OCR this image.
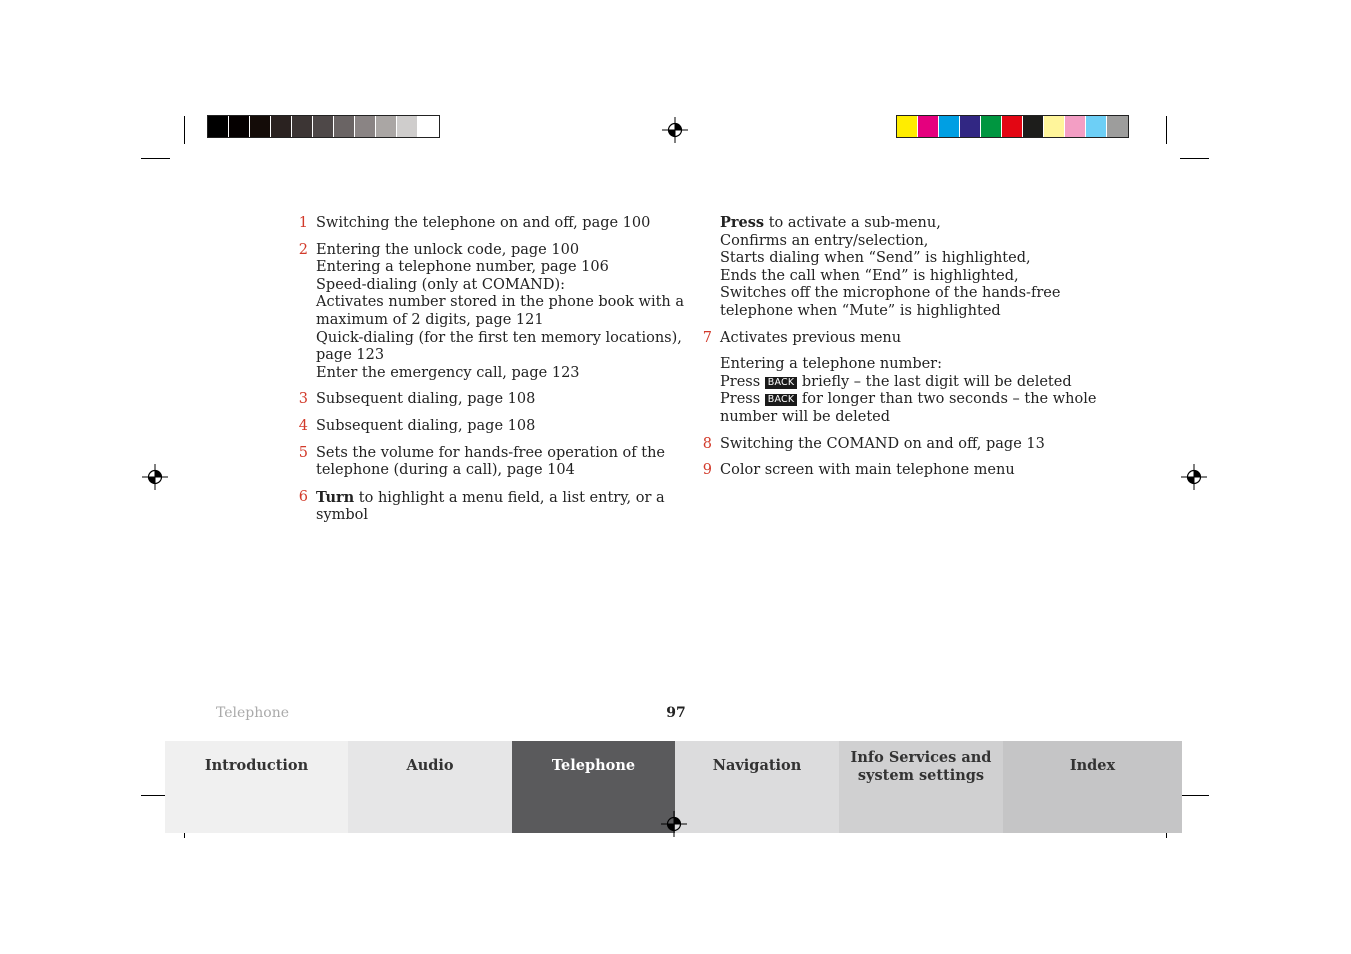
1 Switching the telephone on and off, page 100
2 Entering the unlock code, page 100
Entering a telephone number, page 106
Speed-dialing (only at COMAND):
Activates number stored in the phone book with a
maximum of 2 digits, page 121
Quick-dialing (for the first ten memory locations),
page 123
Enter the emergency call, page 123
3 Subsequent dialing, page 108
4 Subsequent dialing, page 108
5 Sets the volume for hands-free operation of the
telephone (during a call), page 104
6 Turn to highlight a menu field, a list entry, or a
symbol
Press to activate a sub-menu,
Confirms an entry/selection,
Starts dialing when “Send” is highlighted,
Ends the call when “End” is highlighted,
Switches off the microphone of the hands-free
telephone when “Mute” is highlighted
7 Activates previous menu
Entering a telephone number:
Press BACK briefly – the last digit will be deleted
Press BACK for longer than two seconds – the whole
number will be deleted
8 Switching the COMAND on and off, page 13
9 Color screen with main telephone menu
Telephone	97
Introduction	Audio	Telephone	Navigation	Info Services and
system settings
Index
